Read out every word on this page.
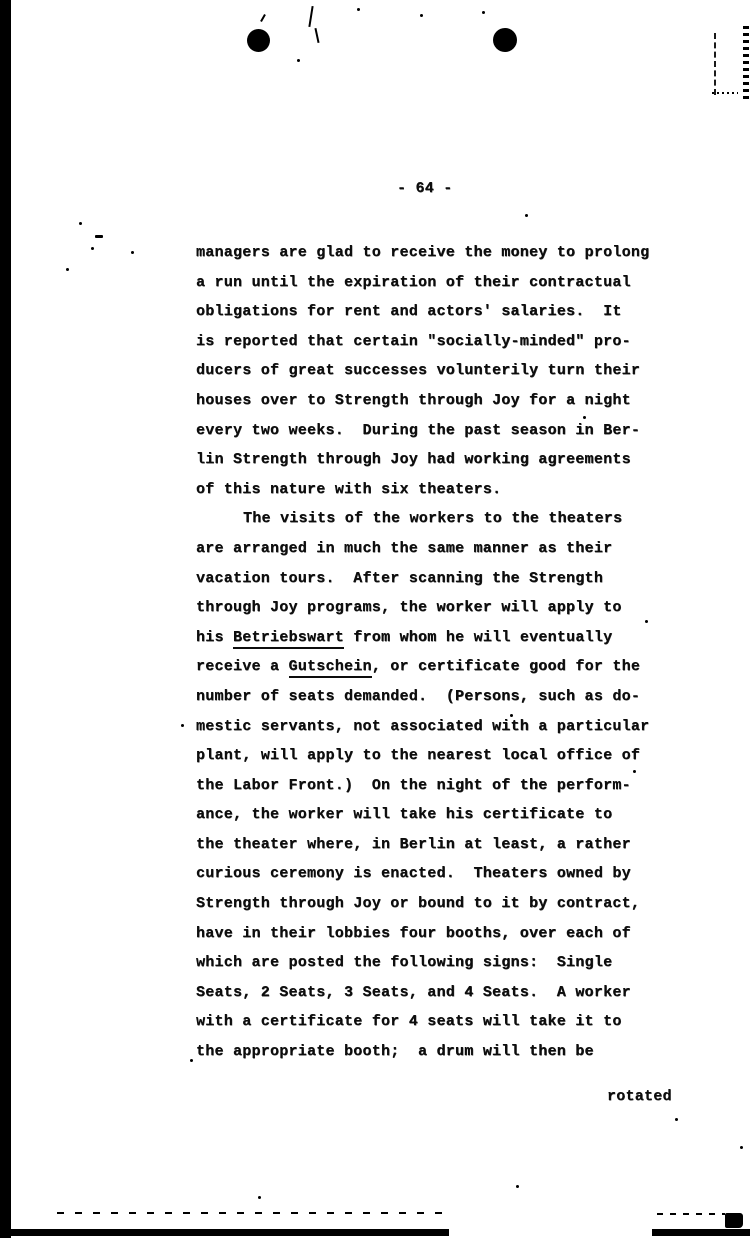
- 64 -
managers are glad to receive the money to prolong
a run until the expiration of their contractual
obligations for rent and actors' salaries.  It
is reported that certain "socially-minded" pro-
ducers of great successes volunterily turn their
houses over to Strength through Joy for a night
every two weeks.  During the past season in Ber-
lin Strength through Joy had working agreements
of this nature with six theaters.
The visits of the workers to the theaters
are arranged in much the same manner as their
vacation tours.  After scanning the Strength
through Joy programs, the worker will apply to
his Betriebswart from whom he will eventually
receive a Gutschein, or certificate good for the
number of seats demanded.  (Persons, such as do-
mestic servants, not associated with a particular
plant, will apply to the nearest local office of
the Labor Front.)  On the night of the perform-
ance, the worker will take his certificate to
the theater where, in Berlin at least, a rather
curious ceremony is enacted.  Theaters owned by
Strength through Joy or bound to it by contract,
have in their lobbies four booths, over each of
which are posted the following signs:  Single
Seats, 2 Seats, 3 Seats, and 4 Seats.  A worker
with a certificate for 4 seats will take it to
the appropriate booth;  a drum will then be
rotated
